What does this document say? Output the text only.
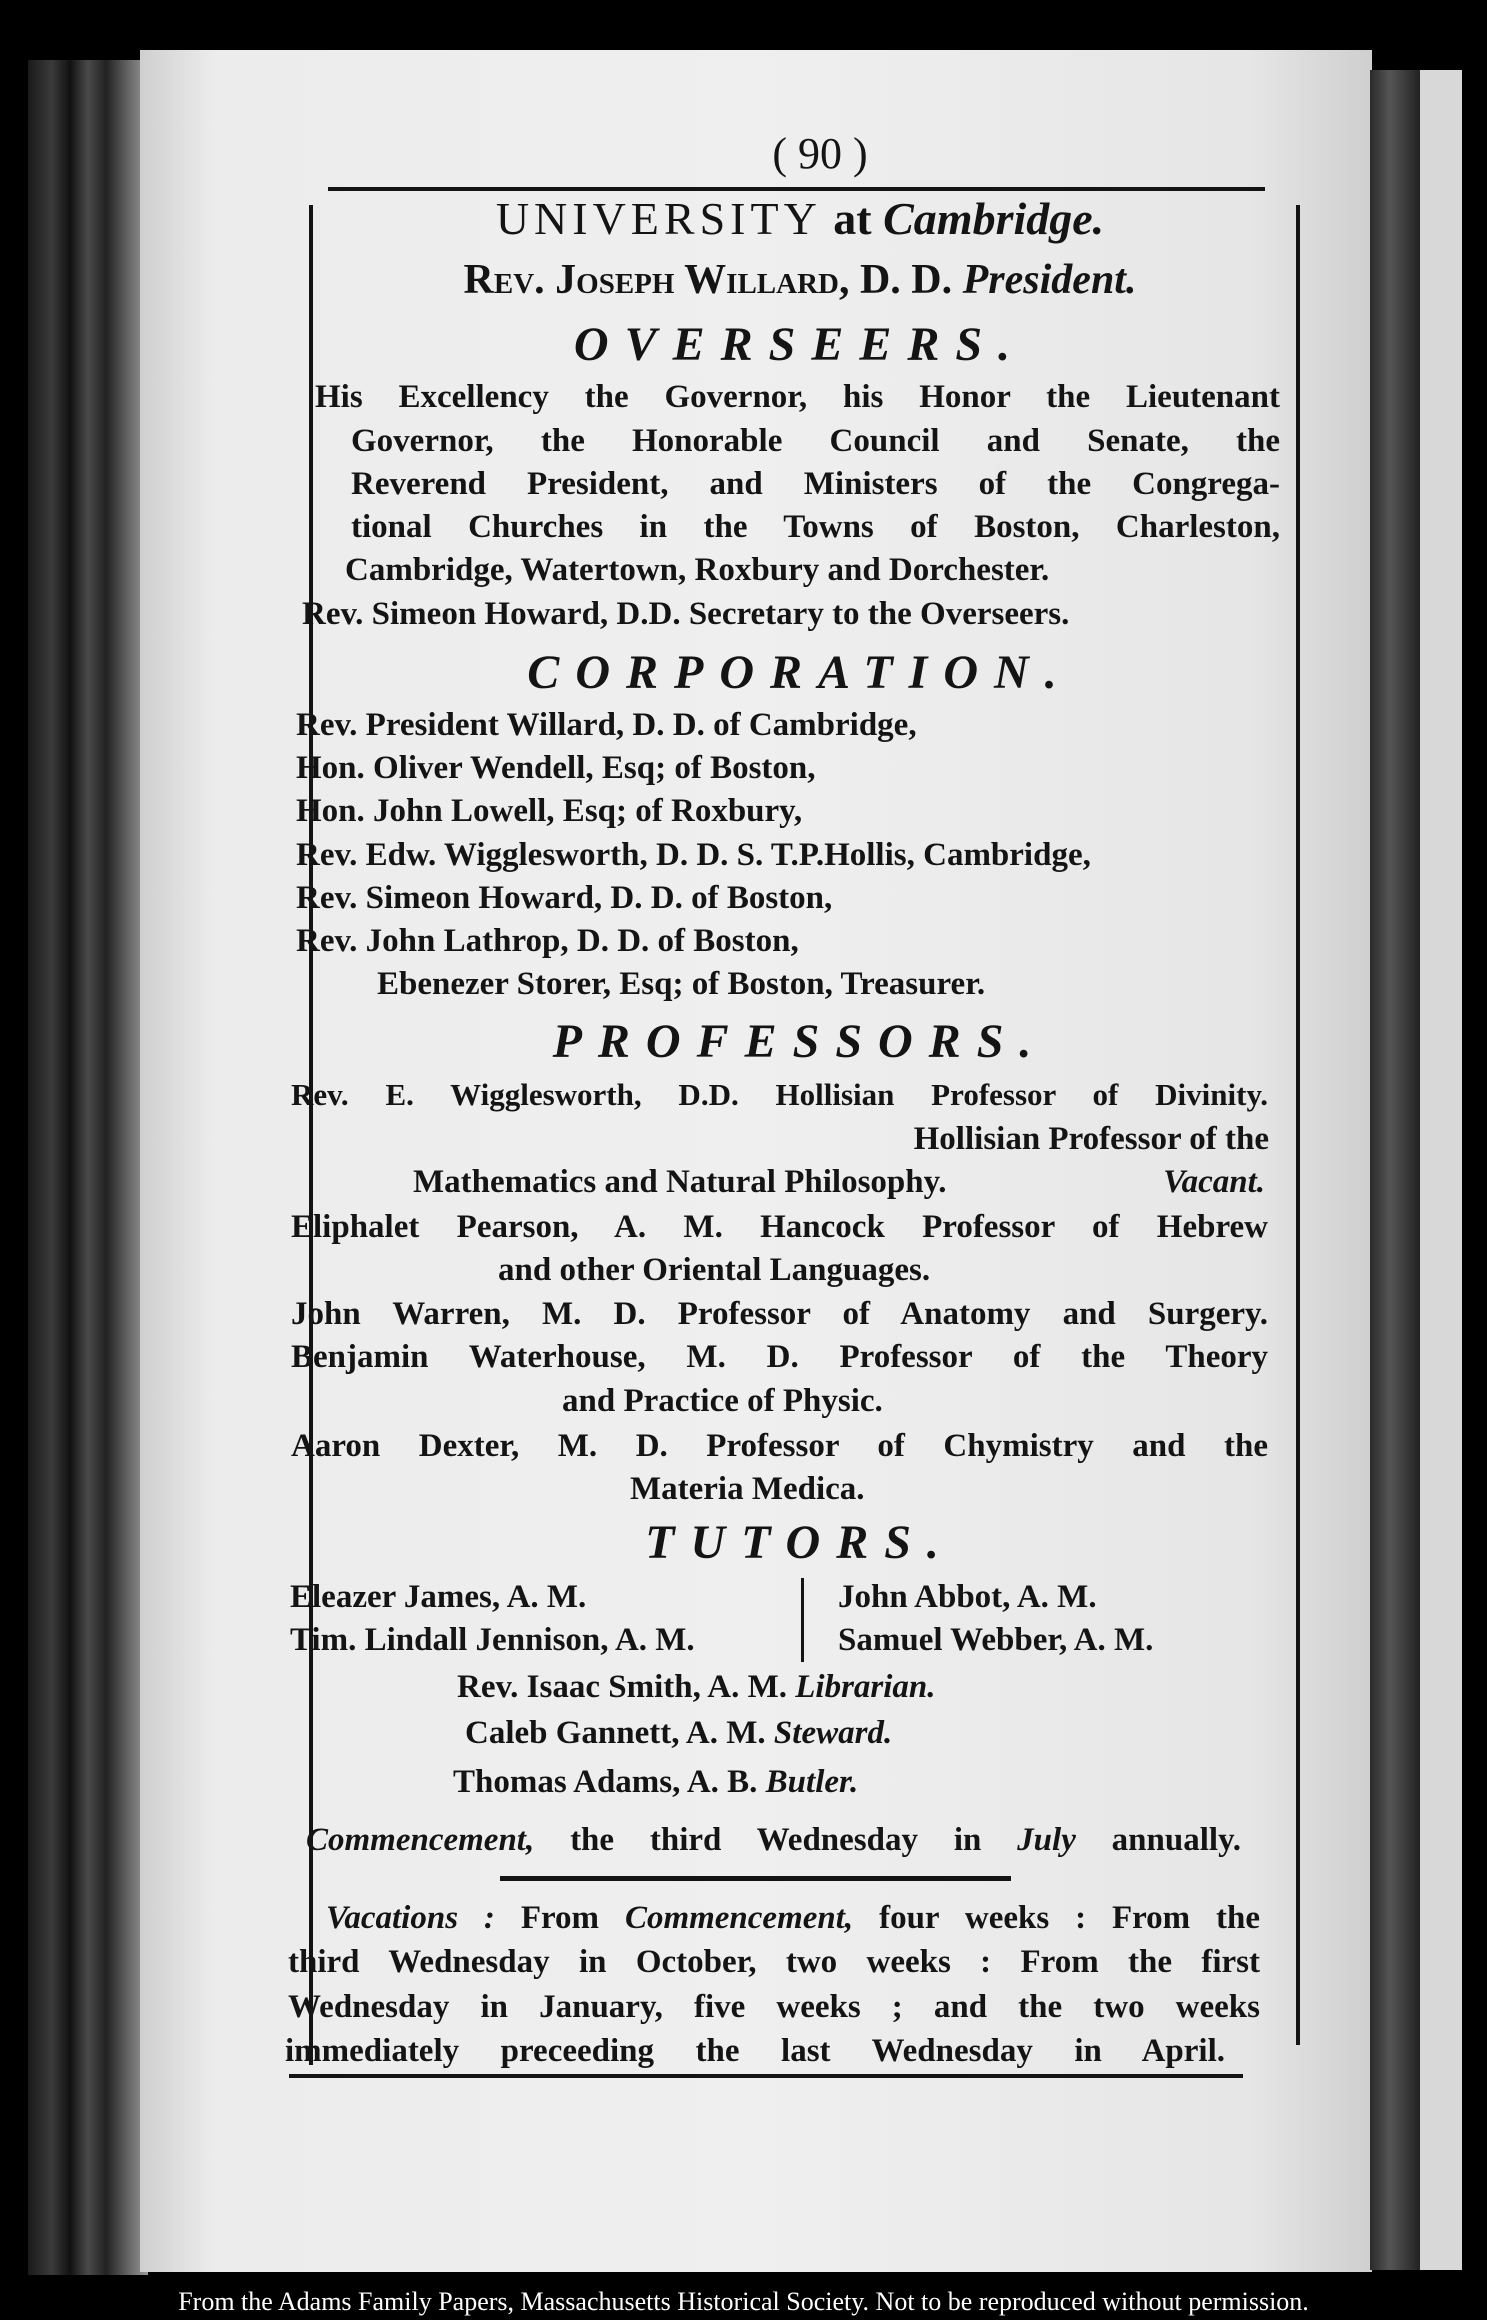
( 90 )
UNIVERSITY at Cambridge.
Rev. Joseph Willard, D. D. President.
OVERSEERS.
His Excellency the Governor, his Honor the Lieutenant
Governor, the Honorable Council and Senate, the
Reverend President, and Ministers of the Congrega-
tional Churches in the Towns of Boston, Charleston,
Cambridge, Watertown, Roxbury and Dorchester.
Rev. Simeon Howard, D.D. Secretary to the Overseers.
CORPORATION.
Rev. President Willard, D. D. of Cambridge,
Hon. Oliver Wendell, Esq; of Boston,
Hon. John Lowell, Esq; of Roxbury,
Rev. Edw. Wigglesworth, D. D. S. T.P.Hollis, Cambridge,
Rev. Simeon Howard, D. D. of Boston,
Rev. John Lathrop, D. D. of Boston,
Ebenezer Storer, Esq; of Boston, Treasurer.
PROFESSORS.
Rev. E. Wigglesworth, D.D. Hollisian Professor of Divinity.
Hollisian Professor of the
Mathematics and Natural Philosophy.	Vacant.
Eliphalet Pearson, A. M. Hancock Professor of Hebrew
and other Oriental Languages.
John Warren, M. D. Professor of Anatomy and Surgery.
Benjamin Waterhouse, M. D. Professor of the Theory
and Practice of Physic.
Aaron Dexter, M. D. Professor of Chymistry and the
Materia Medica.
TUTORS.
Eleazer James, A. M.
Tim. Lindall Jennison, A. M.
John Abbot, A. M.
Samuel Webber, A. M.
Rev. Isaac Smith, A. M. Librarian.
Caleb Gannett, A. M. Steward.
Thomas Adams, A. B. Butler.
Commencement, the third Wednesday in July annually.
Vacations : From Commencement, four weeks : From the
third Wednesday in October, two weeks : From the first
Wednesday in January, five weeks ; and the two weeks
immediately preceeding the last Wednesday in April.
From the Adams Family Papers, Massachusetts Historical Society. Not to be reproduced without permission.
